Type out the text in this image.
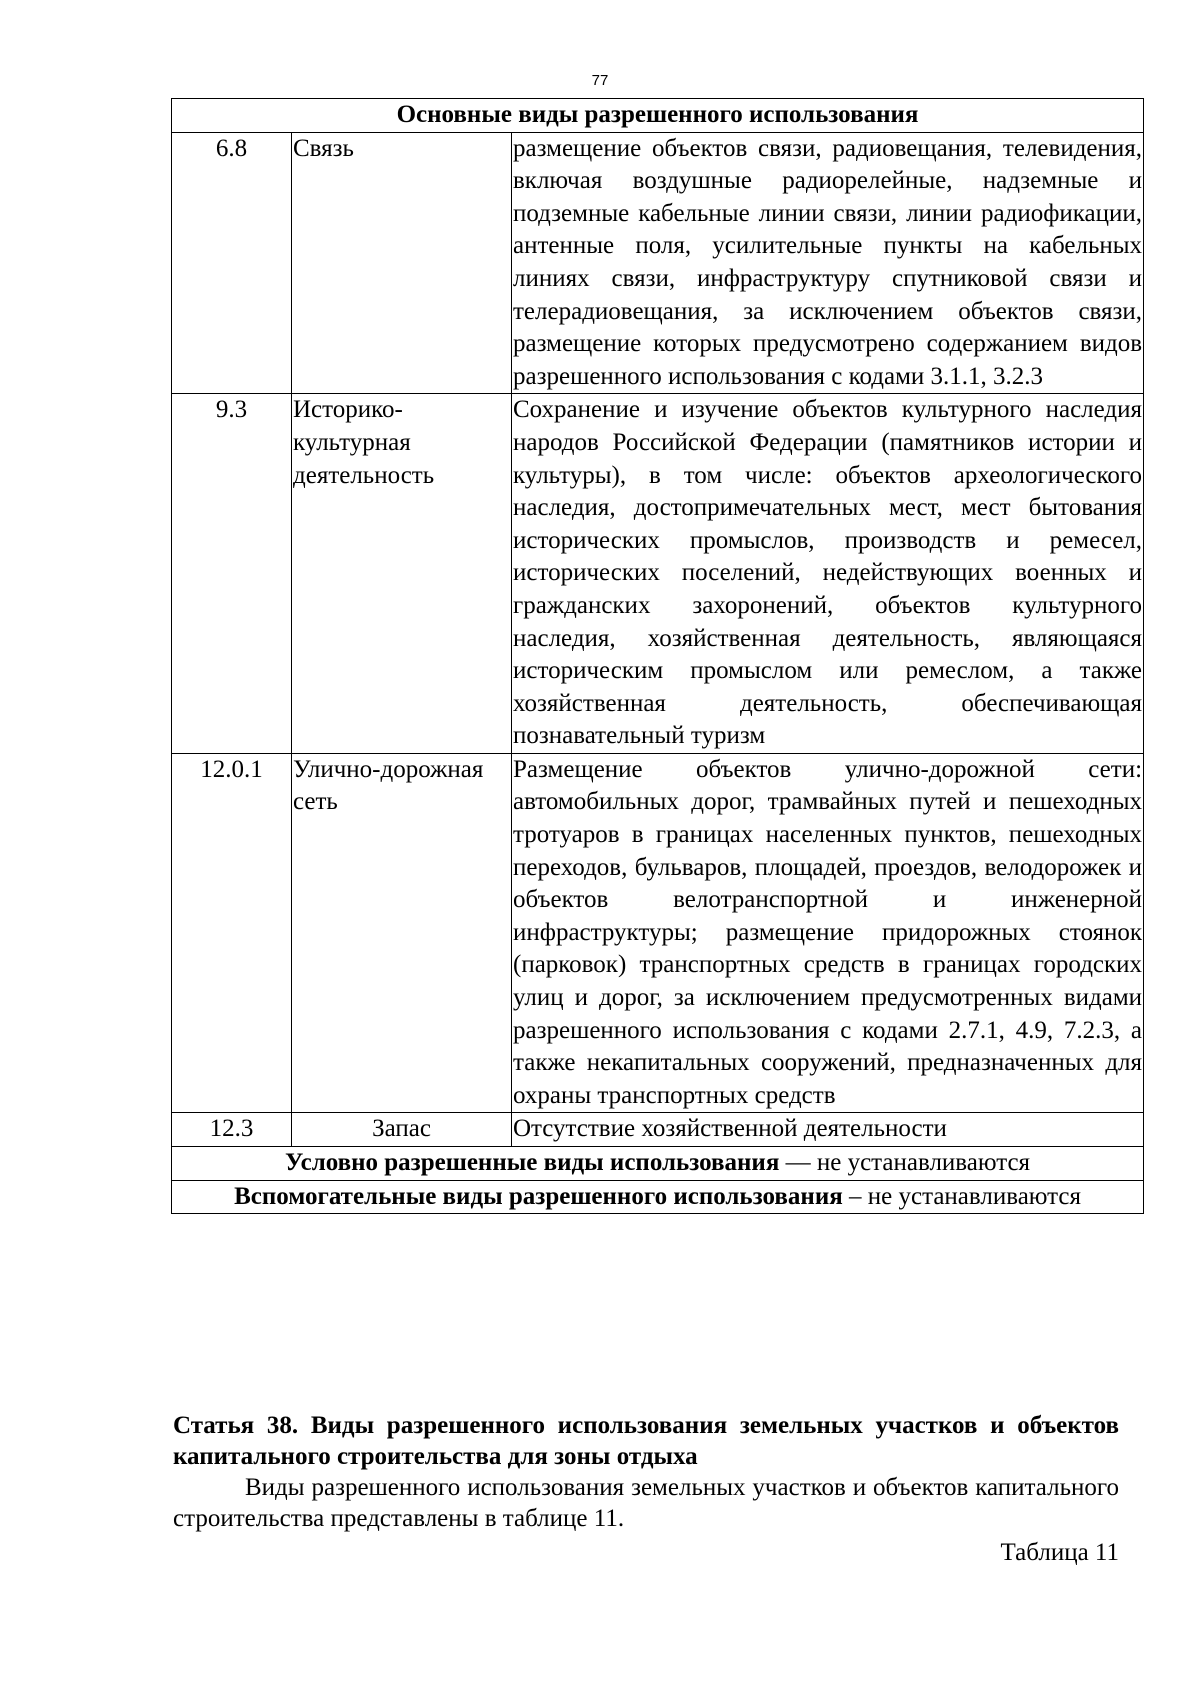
77
Основные виды разрешенного использования		
6.8	Связь	размещение объектов связи, радиовещания, телевидения, включая воздушные радиорелейные, надземные и подземные кабельные линии связи, линии радиофикации, антенные поля, усилительные пункты на кабельных линиях связи, инфраструктуру спутниковой связи и телерадиовещания, за исключением объектов связи, размещение которых предусмотрено содержанием видов разрешенного использования с кодами 3.1.1, 3.2.3
9.3	Историко-культурная деятельность	Сохранение и изучение объектов культурного наследия народов Российской Федерации (памятников истории и культуры), в том числе: объектов археологического наследия, достопримечательных мест, мест бытования исторических промыслов, производств и ремесел, исторических поселений, недействующих военных и гражданских захоронений, объектов культурного наследия, хозяйственная деятельность, являющаяся историческим промыслом или ремеслом, а также хозяйственная деятельность, обеспечивающая познавательный туризм
12.0.1	Улично-дорожная сеть	Размещение объектов улично-дорожной сети: автомобильных дорог, трамвайных путей и пешеходных тротуаров в границах населенных пунктов, пешеходных переходов, бульваров, площадей, проездов, велодорожек и объектов велотранспортной и инженерной инфраструктуры; размещение придорожных стоянок (парковок) транспортных средств в границах городских улиц и дорог, за исключением предусмотренных видами разрешенного использования с кодами 2.7.1, 4.9, 7.2.3, а также некапитальных сооружений, предназначенных для охраны транспортных средств
12.3	Запас	Отсутствие хозяйственной деятельности
Условно разрешенные виды использования — не устанавливаются		
Вспомогательные виды разрешенного использования – не устанавливаются		

Статья 38. Виды разрешенного использования земельных участков и объектов капитального строительства для зоны отдыха

Виды разрешенного использования земельных участков и объектов капитального строительства представлены в таблице 11.

Таблица 11
